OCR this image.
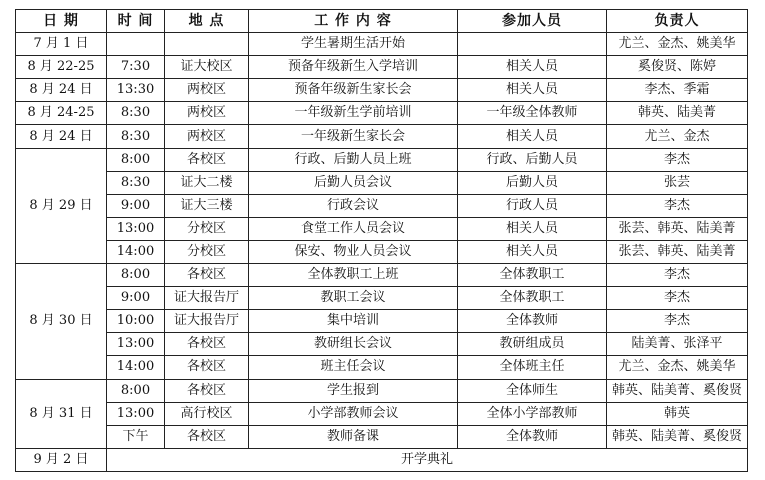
日 期	时 间	地 点	工 作 内 容	参加人员	负责人
7 月 1 日			学生暑期生活开始		尤兰、金杰、姚美华
8 月 22-25	7:30	证大校区	预备年级新生入学培训	相关人员	奚俊贤、陈婷
8 月 24 日	13:30	两校区	预备年级新生家长会	相关人员	李杰、季霜
8 月 24-25	8:30	两校区	一年级新生学前培训	一年级全体教师	韩英、陆美菁
8 月 24 日	8:30	两校区	一年级新生家长会	相关人员	尤兰、金杰
8 月 29 日	8:00	各校区	行政、后勤人员上班	行政、后勤人员	李杰
	8:30	证大二楼	后勤人员会议	后勤人员	张芸
	9:00	证大三楼	行政会议	行政人员	李杰
	13:00	分校区	食堂工作人员会议	相关人员	张芸、韩英、陆美菁
	14:00	分校区	保安、物业人员会议	相关人员	张芸、韩英、陆美菁
8 月 30 日	8:00	各校区	全体教职工上班	全体教职工	李杰
	9:00	证大报告厅	教职工会议	全体教职工	李杰
	10:00	证大报告厅	集中培训	全体教师	李杰
	13:00	各校区	教研组长会议	教研组成员	陆美菁、张泽平
	14:00	各校区	班主任会议	全体班主任	尤兰、金杰、姚美华
8 月 31 日	8:00	各校区	学生报到	全体师生	韩英、陆美菁、奚俊贤
	13:00	高行校区	小学部教师会议	全体小学部教师	韩英
	下午	各校区	教师备课	全体教师	韩英、陆美菁、奚俊贤
9 月 2 日	开学典礼				
